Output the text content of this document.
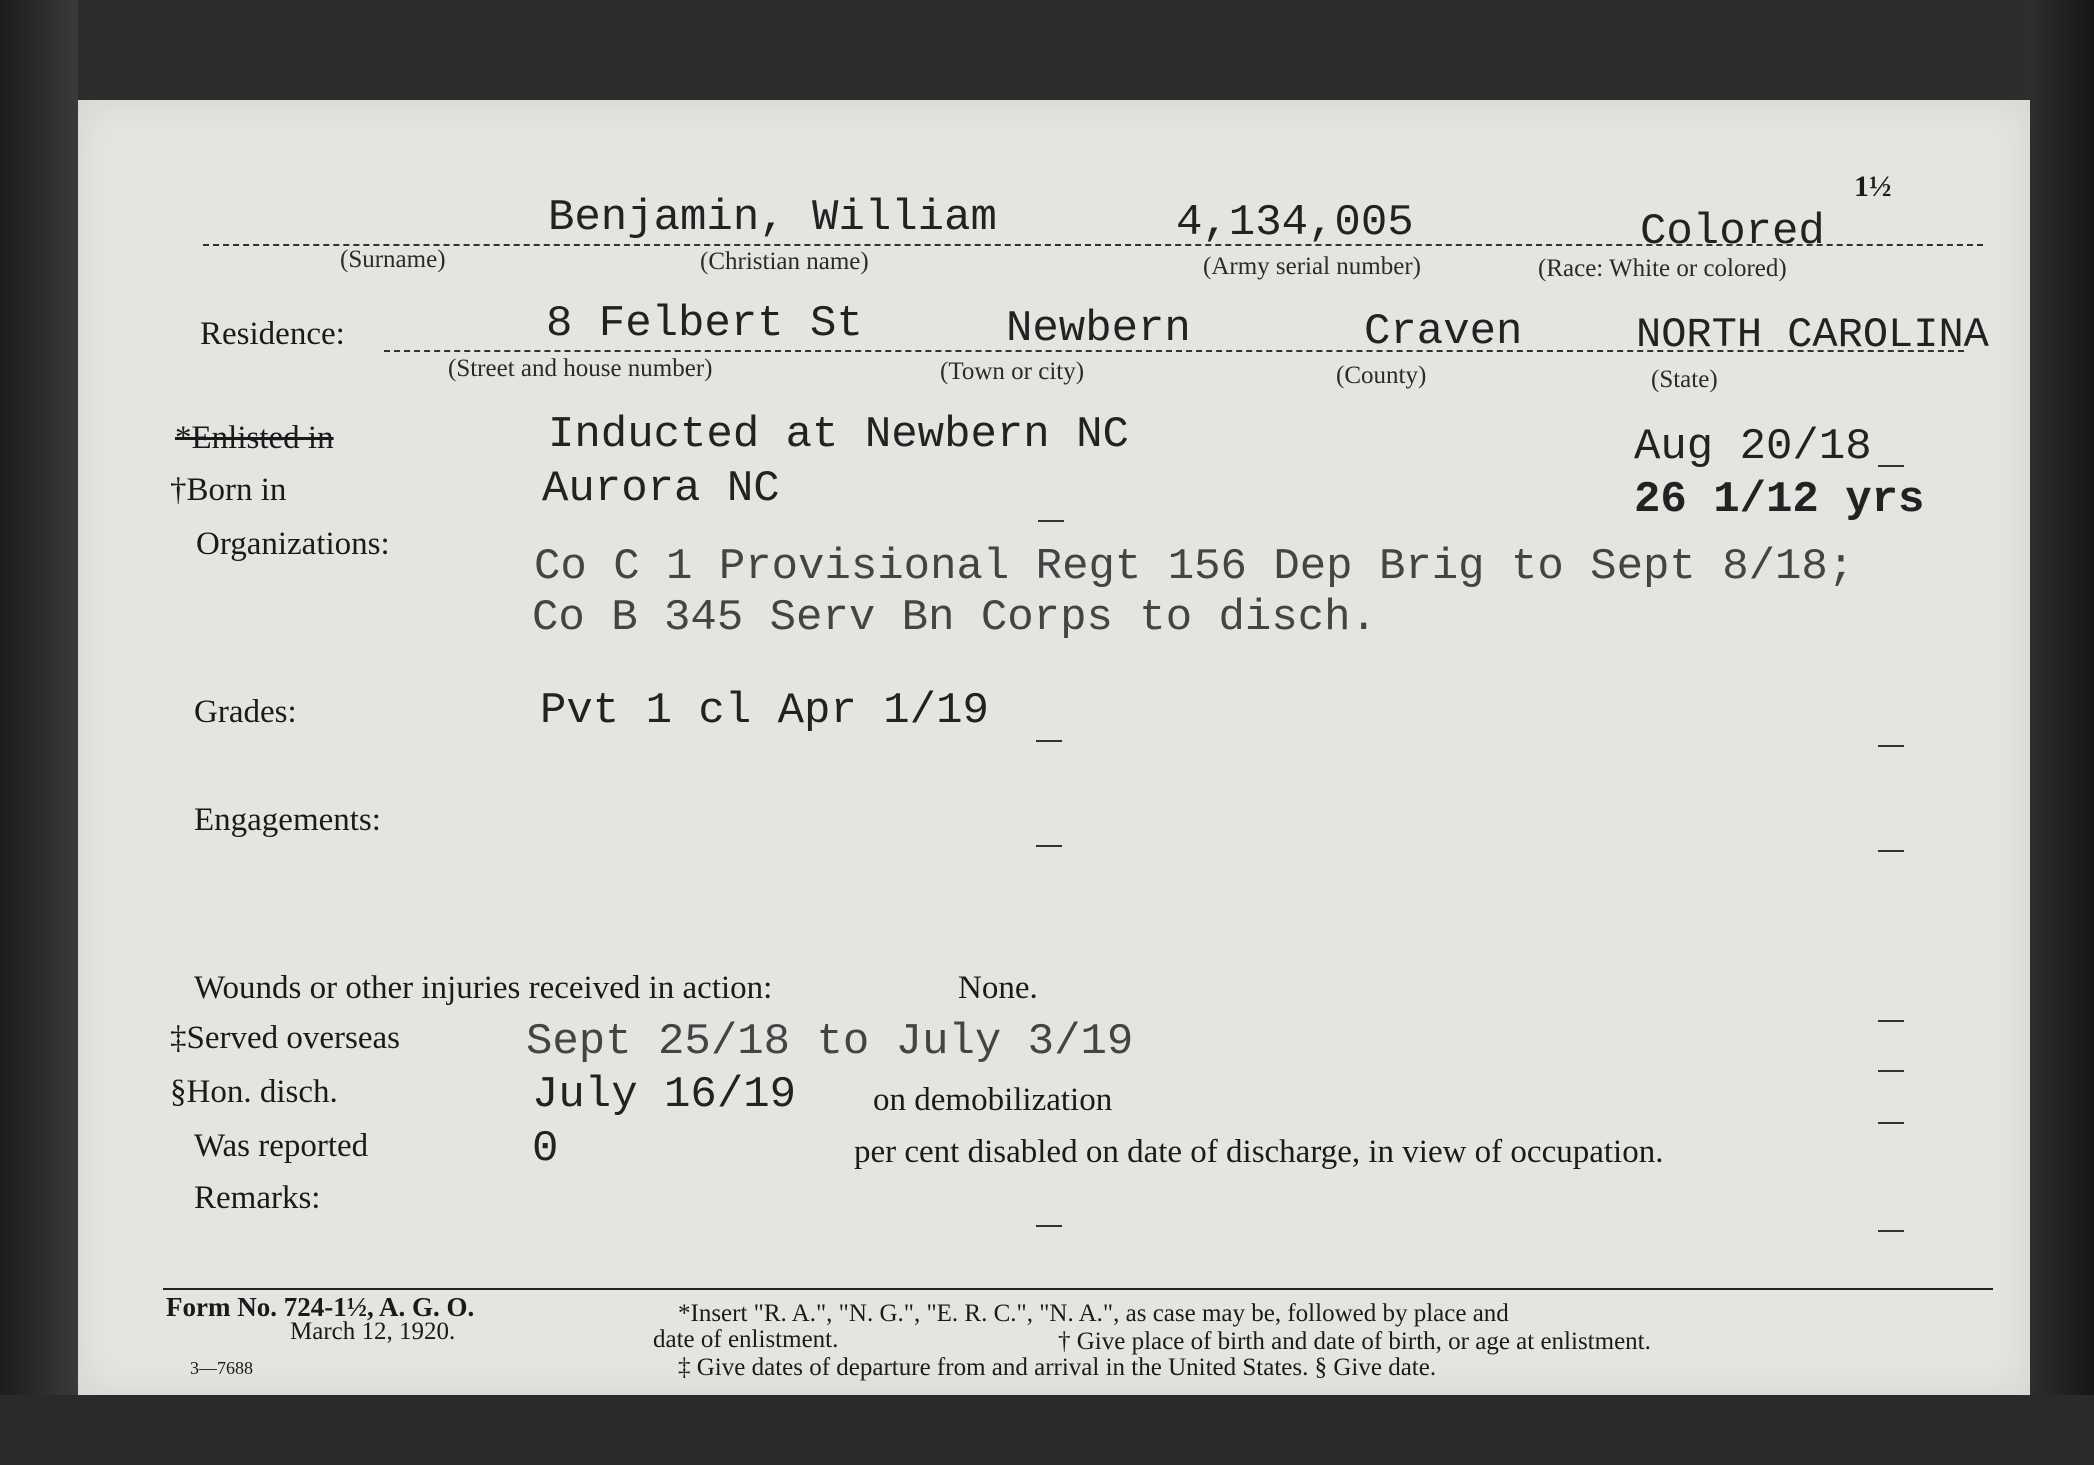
1½
Benjamin, William	4,134,005	Colored
(Surname)	(Christian name)	(Army serial number)	(Race: White or colored)
Residence:	8 Felbert St	Newbern	Craven	NORTH CAROLINA
(Street and house number)	(Town or city)	(County)	(State)
*Enlisted in	Inducted at Newbern NC	Aug 20/18
†Born in	Aurora NC	26 1/12 yrs
Organizations:	Co C 1 Provisional Regt 156 Dep Brig to Sept 8/18;
Co B 345 Serv Bn Corps to disch.
Grades:	Pvt 1 cl Apr 1/19
Engagements:
Wounds or other injuries received in action:	None.
‡Served overseas	Sept 25/18 to July 3/19
§Hon. disch.	July 16/19 on demobilization
Was reported	0	per cent disabled on date of discharge, in view of occupation.
Remarks:
Form No. 724-1½, A. G. O.
March 12, 1920.
3—7688
*Insert "R. A.", "N. G.", "E. R. C.", "N. A.", as case may be, followed by place and
date of enlistment.	† Give place of birth and date of birth, or age at enlistment.
‡ Give dates of departure from and arrival in the United States. § Give date.
